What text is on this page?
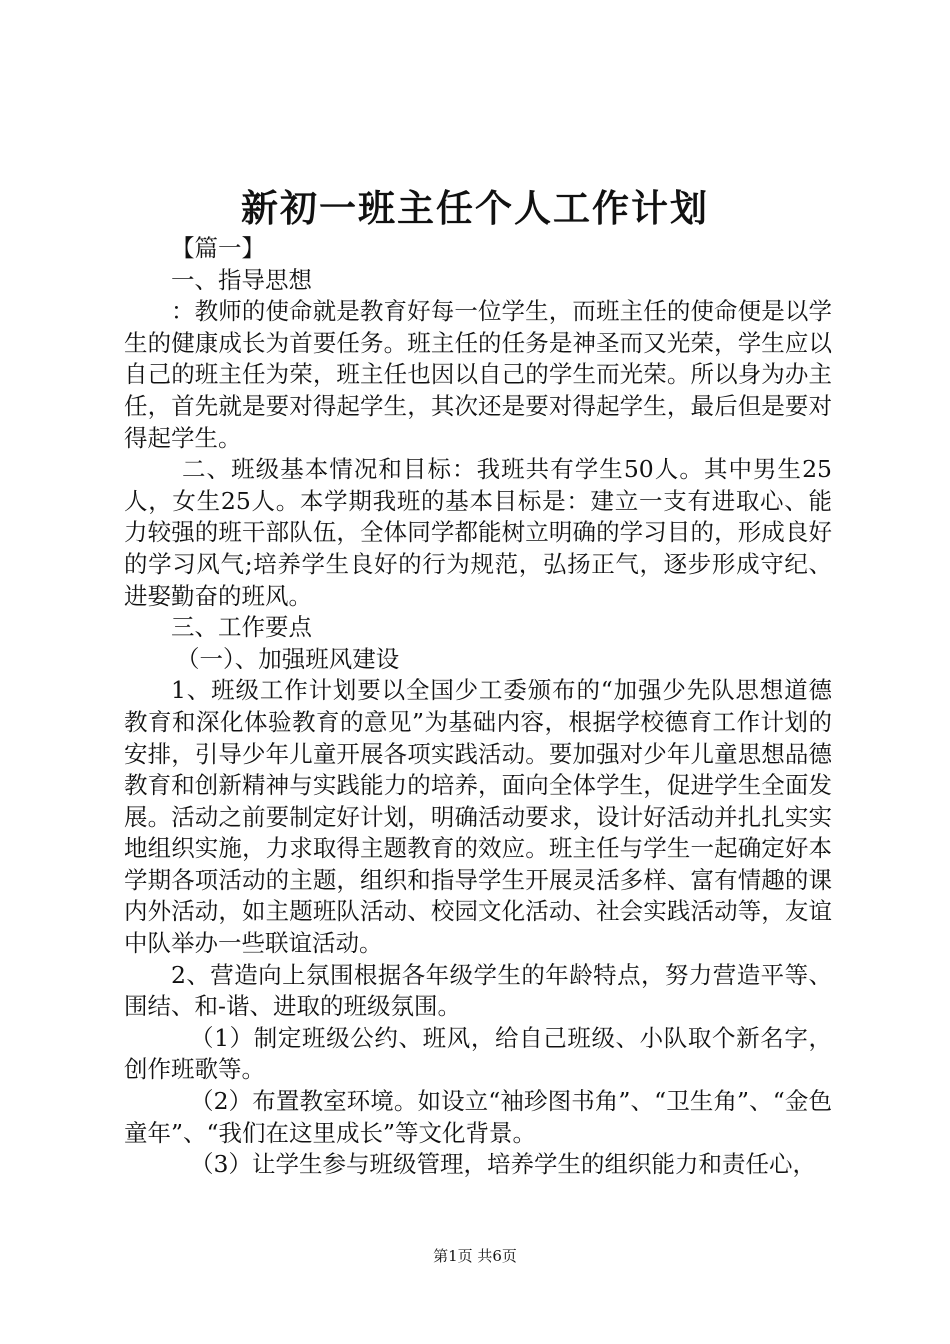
新初一班主任个人工作计划

【篇一】

一、指导思想

：教师的使命就是教育好每一位学生，而班主任的使命便是以学生的健康成长为首要任务。班主任的任务是神圣而又光荣，学生应以自己的班主任为荣，班主任也因以自己的学生而光荣。所以身为办主任，首先就是要对得起学生，其次还是要对得起学生，最后但是要对得起学生。

二、班级基本情况和目标：我班共有学生50人。其中男生25人，女生25人。本学期我班的基本目标是：建立一支有进取心、能力较强的班干部队伍，全体同学都能树立明确的学习目的，形成良好的学习风气;培养学生良好的行为规范，弘扬正气，逐步形成守纪、进娶勤奋的班风。

三、工作要点

（一）、加强班风建设

1、班级工作计划要以全国少工委颁布的“加强少先队思想道德教育和深化体验教育的意见”为基础内容，根据学校德育工作计划的安排，引导少年儿童开展各项实践活动。要加强对少年儿童思想品德教育和创新精神与实践能力的培养，面向全体学生，促进学生全面发展。活动之前要制定好计划，明确活动要求，设计好活动并扎扎实实地组织实施，力求取得主题教育的效应。班主任与学生一起确定好本学期各项活动的主题，组织和指导学生开展灵活多样、富有情趣的课内外活动，如主题班队活动、校园文化活动、社会实践活动等，友谊中队举办一些联谊活动。

2、营造向上氛围根据各年级学生的年龄特点，努力营造平等、围结、和-谐、进取的班级氛围。

（1）制定班级公约、班风，给自己班级、小队取个新名字，创作班歌等。

（2）布置教室环境。如设立“袖珍图书角”、“卫生角”、“金色童年”、“我们在这里成长”等文化背景。

（3）让学生参与班级管理，培养学生的组织能力和责任心，

第1页 共6页
